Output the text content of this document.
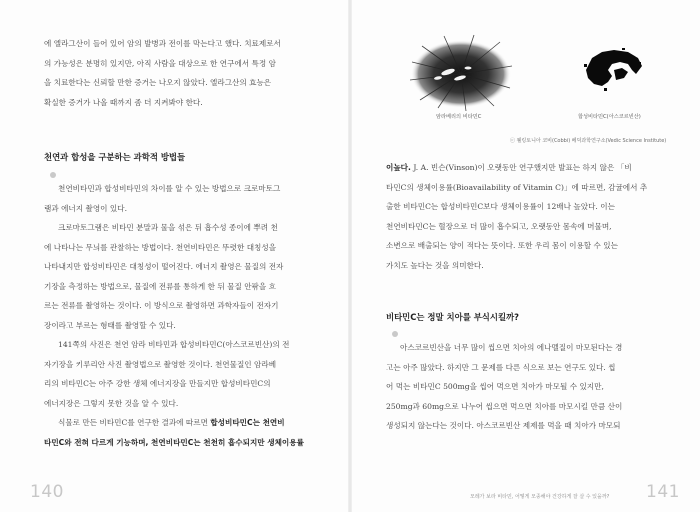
에 엘라그산이 들어 있어 암의 발병과 전이를 막는다고 했다. 치료제로서
의 가능성은 분명히 있지만, 아직 사람을 대상으로 한 연구에서 특정 암
을 치료한다는 신뢰할 만한 증거는 나오지 않았다. 엘라그산의 효능은
확실한 증거가 나올 때까지 좀 더 지켜봐야 한다.
천연과 합성을 구분하는 과학적 방법들
천연비타민과 합성비타민의 차이를 알 수 있는 방법으로 크로마토그
램과 에너지 촬영이 있다.
크로마토그램은 비타민 분말과 물을 섞은 뒤 흡수성 종이에 뿌려 천
에 나타나는 무늬를 관찰하는 방법이다. 천연비타민은 뚜렷한 대칭성을
나타내지만 합성비타민은 대칭성이 떨어진다. 에너지 촬영은 물질의 전자
기장을 측정하는 방법으로, 물질에 전류를 통하게 한 뒤 물질 안팎을 흐
르는 전류를 촬영하는 것이다. 이 방식으로 촬영하면 과학자들이 전자기
장이라고 부르는 형태를 촬영할 수 있다.
141쪽의 사진은 천연 암라 비타민과 합성비타민C(아스코르빈산)의 전
자기장을 키루리안 사진 촬영법으로 촬영한 것이다. 천연물질인 암라베
리의 비타민C는 아주 강한 생체 에너지장을 만들지만 합성비타민C의
에너지장은 그렇지 못한 것을 알 수 있다.
식물로 만든 비타민C를 연구한 결과에 따르면 합성비타민C는 천연비
타민C와 전혀 다르게 기능하며, 천연비타민C는 천천히 흡수되지만 생체이용률
140
암라베리의 비타민C	합성비타민C(아스코르빈산)
ⓒ 웰링토니아 코비(Cobbi) 베딕과학연구소(Vedic Science Institute)
이높다. J. A. 빈슨(Vinson)이 오랫동안 연구했지만 발표는 하지 않은 「비
타민C의 생체이용률(Bioavailability of Vitamin C)」에 따르면, 감귤에서 추
출한 비타민C는 합성비타민C보다 생체이용률이 12배나 높았다. 이는
천연비타민C는 혈장으로 더 많이 흡수되고, 오랫동안 몸속에 머물며,
소변으로 배출되는 양이 적다는 뜻이다. 또한 우리 몸이 이용할 수 있는
가치도 높다는 것을 의미한다.
비타민C는 정말 치아를 부식시킬까?
아스코르빈산을 너무 많이 씹으면 치아의 에나멜질이 마모된다는 경
고는 아주 많았다. 하지만 그 문제를 다른 식으로 보는 연구도 있다. 씹
어 먹는 비타민C 500mg을 씹어 먹으면 치아가 마모될 수 있지만,
250mg과 60mg으로 나누어 씹으면 먹으면 치아를 마모시킬 만큼 산이
생성되지 않는다는 것이다. 아스코르빈산 제제를 먹을 때 치아가 마모되
모레가 보라 비타민, 어떻게 모종해야 건강하게 잘 살 수 있을까? 141
